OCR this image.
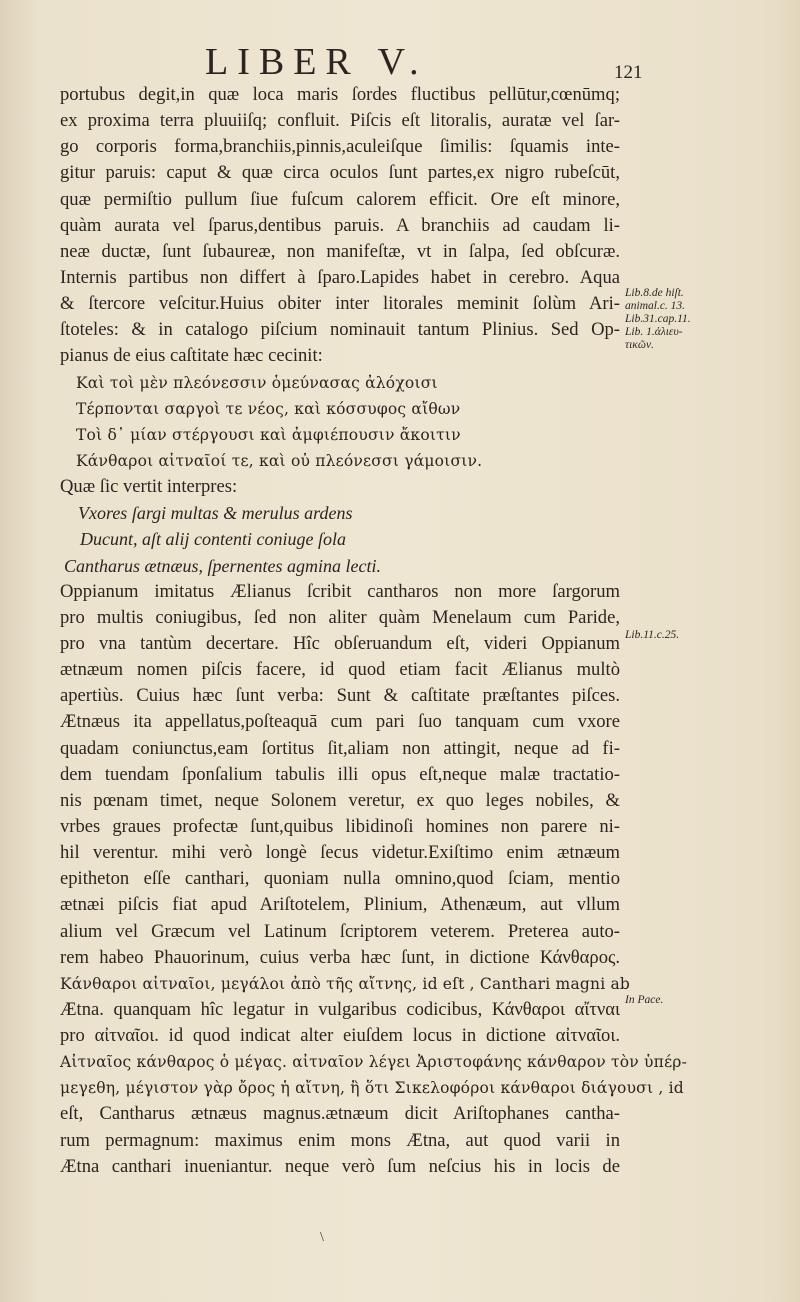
LIBER V.	121
portubus degit,in quæ loca maris ſordes fluctibus pellūtur,cœnūmq;
ex proxima terra pluuiiſq; confluit. Piſcis eſt litoralis, auratæ vel ſar-
go corporis forma,branchiis,pinnis,aculeiſque ſimilis: ſquamis inte-
gitur paruis: caput & quæ circa oculos ſunt partes,ex nigro rubeſcūt,
quæ permiſtio pullum ſiue fuſcum calorem efficit. Ore eſt minore,
quàm aurata vel ſparus,dentibus paruis. A branchiis ad caudam li-
neæ ductæ, ſunt ſubaureæ, non manifeſtæ, vt in ſalpa, ſed obſcuræ.
Internis partibus non differt à ſparo.Lapides habet in cerebro. Aqua
& ſtercore veſcitur.Huius obiter inter litorales meminit ſolùm Ari-
ſtoteles: & in catalogo piſcium nominauit tantum Plinius. Sed Op-
pianus de eius caſtitate hæc cecinit:
Καὶ τοὶ μὲν πλεόνεσσιν ὁμεύνασας ἀλόχοισι
Τέρπονται σαργοὶ τε νέος, καὶ κόσσυφος αἴθων
Τοὶ δ᾽ μίαν στέργουσι καὶ ἀμφιέπουσιν ἄκοιτιν
Κάνθαροι αἰτναῖοί τε, καὶ οὐ πλεόνεσσι γάμοισιν.
Quæ ſic vertit interpres:
Vxores ſargi multas & merulus ardens
Ducunt, aſt alij contenti coniuge ſola
Cantharus ætnæus, ſpernentes agmina lecti.
Oppianum imitatus Ælianus ſcribit cantharos non more ſargorum
pro multis coniugibus, ſed non aliter quàm Menelaum cum Paride,
pro vna tantùm decertare. Hîc obſeruandum eſt, videri Oppianum
ætnæum nomen piſcis facere, id quod etiam facit Ælianus multò
apertiùs. Cuius hæc ſunt verba: Sunt & caſtitate præſtantes piſces.
Ætnæus ita appellatus,poſteaquā cum pari ſuo tanquam cum vxore
quadam coniunctus,eam ſortitus ſit,aliam non attingit, neque ad fi-
dem tuendam ſponſalium tabulis illi opus eſt,neque malæ tractatio-
nis pœnam timet, neque Solonem veretur, ex quo leges nobiles, &
vrbes graues profectæ ſunt,quibus libidinoſi homines non parere ni-
hil verentur. mihi verò longè ſecus videtur.Exiſtimo enim ætnæum
epitheton eſſe canthari, quoniam nulla omnino,quod ſciam, mentio
ætnæi piſcis fiat apud Ariſtotelem, Plinium, Athenæum, aut vllum
alium vel Græcum vel Latinum ſcriptorem veterem. Preterea auto-
rem habeo Phauorinum, cuius verba hæc ſunt, in dictione Κάνθαρος.
Κάνθαροι αἰτναῖοι, μεγάλοι ἀπὸ τῆς αἴτνης, id eſt , Canthari magni ab
Ætna. quanquam hîc legatur in vulgaribus codicibus, Κάνθαροι αἴτναι
pro αἰτναῖοι. id quod indicat alter eiuſdem locus in dictione αἰτναῖοι.
Αἰτναῖος κάνθαρος ὁ μέγας. αἰτναῖον λέγει Ἀριστοφάνης κάνθαρον τὸν ὑπέρ-
μεγεθη, μέγιστον γὰρ ὄρος ἡ αἴτνη, ἢ ὅτι Σικελοφόροι κάνθαροι διάγουσι , id
eſt, Cantharus ætnæus magnus.ætnæum dicit Ariſtophanes cantha-
rum permagnum: maximus enim mons Ætna, aut quod varii in
Ætna canthari inueniantur. neque verò ſum neſcius his in locis de
Lib.8.de hiſt.
animal.c. 13.
Lib.31.cap.11.
Lib. 1.ἁλιευ-
τικῶν.
Lib.11.c.25.
In Pace.
\
